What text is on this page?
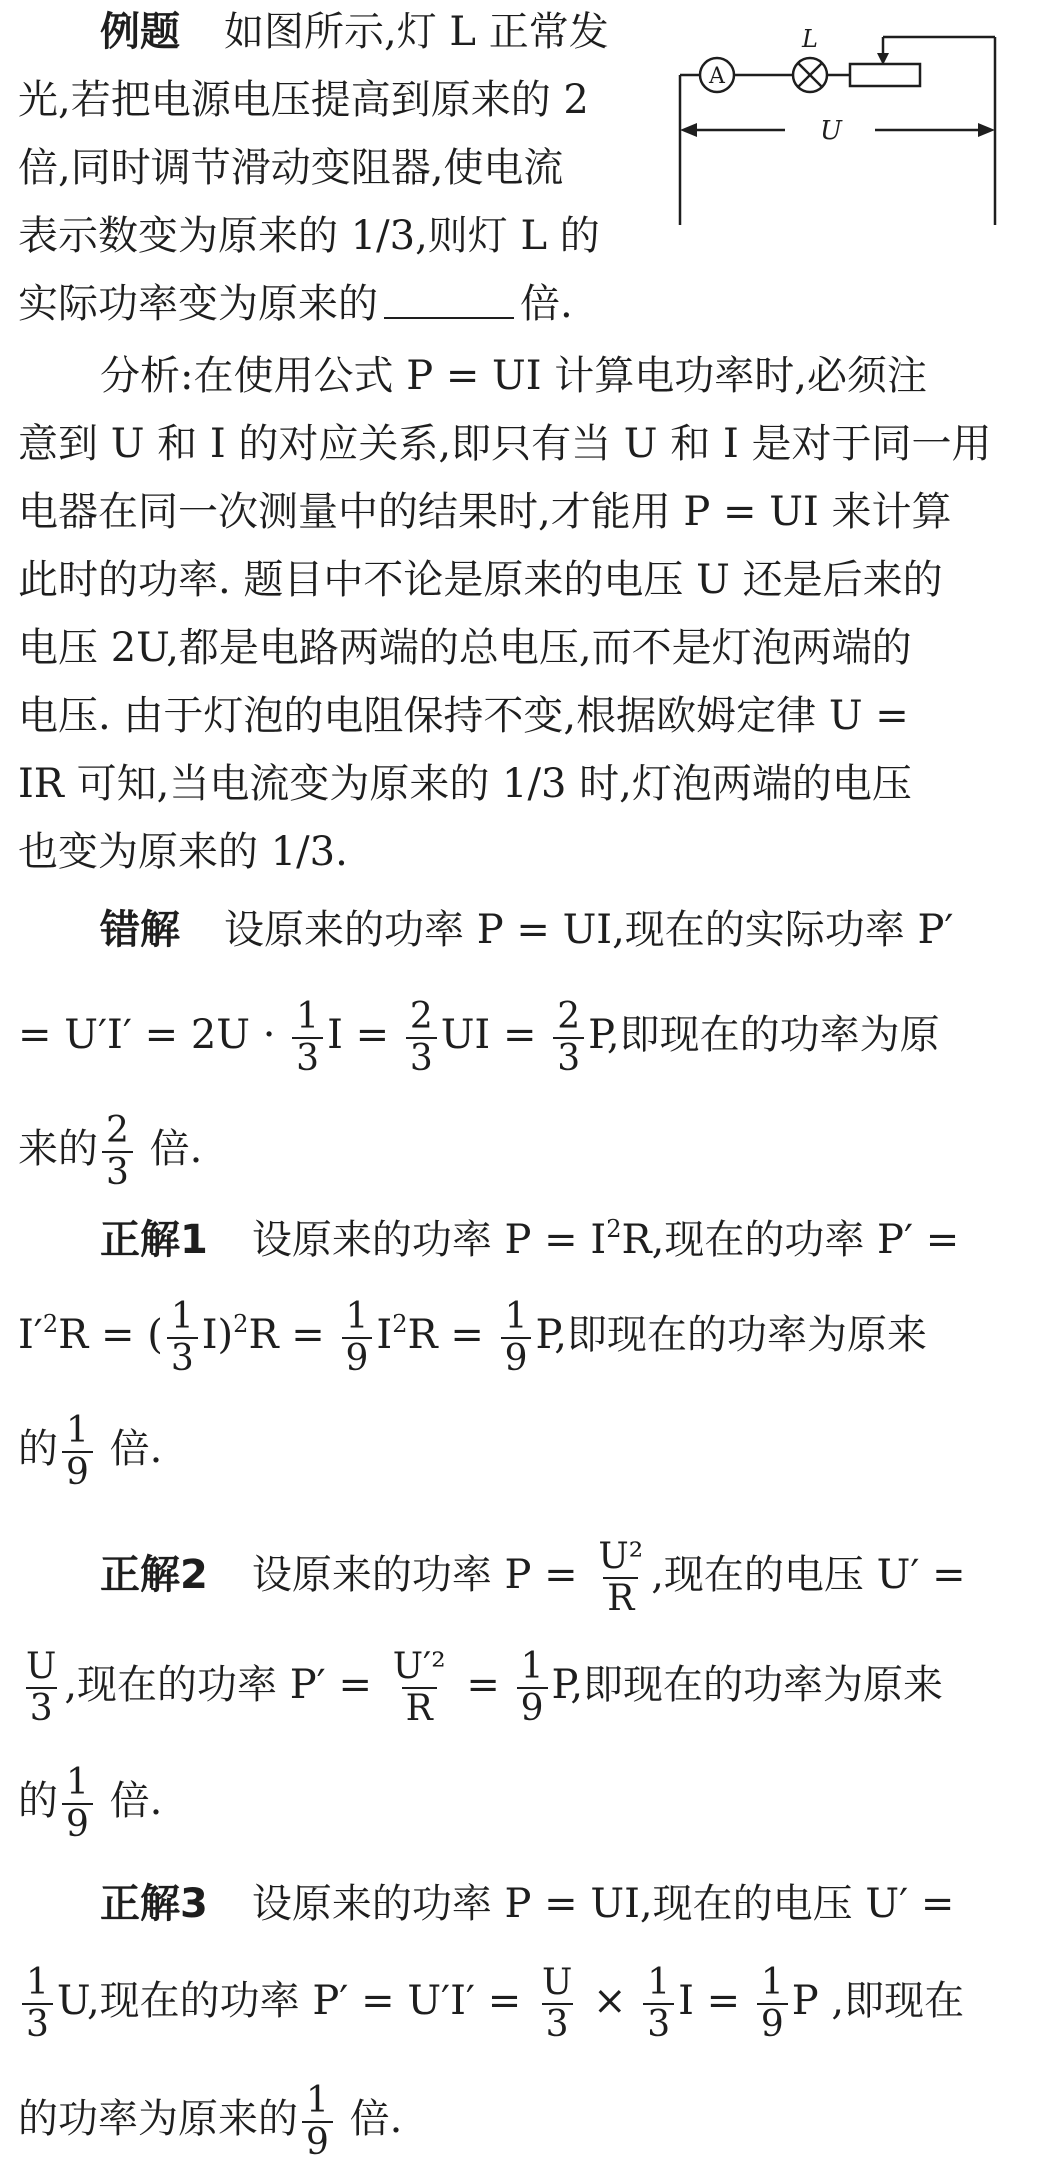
A
L
U
例题 如图所示,灯 L 正常发
光,若把电源电压提高到原来的 2
倍,同时调节滑动变阻器,使电流
表示数变为原来的 1/3,则灯 L 的
实际功率变为原来的	倍.
分析:在使用公式 P = UI 计算电功率时,必须注
意到 U 和 I 的对应关系,即只有当 U 和 I 是对于同一用
电器在同一次测量中的结果时,才能用 P = UI 来计算
此时的功率. 题目中不论是原来的电压 U 还是后来的
电压 2U,都是电路两端的总电压,而不是灯泡两端的
电压. 由于灯泡的电阻保持不变,根据欧姆定律 U =
IR 可知,当电流变为原来的 1/3 时,灯泡两端的电压
也变为原来的 1/3.
错解 设原来的功率 P = UI,现在的实际功率 P′
= $U'I' = 2U \cdot \frac{1}{3}$ $I = \frac{2}{3}$ UI = $\frac{2}{3} P$,即现在的功率为原
来的 $\frac{2}{3}$ 倍.
正解1 设原来的功率 $P = I^2R$,现在的功率 P′ =
$I'^2R$ = ( $\frac{1}{3} I)^2R = \frac{1}{9} I^2R = \frac{1}{9} P$,即现在的功率为原来
的 $\frac{1}{9}$ 倍.
正解2 设原来的功率 $P = \frac{\text{U²}}{R}$ ,现在的电压 U′ =
$\frac{U}{3}$ ,现在的功率 $P' = \frac{\text{U′²}}{R} = \frac{1}{9} P$,即现在的功率为原来
的 $\frac{1}{9}$ 倍.
正解3 设原来的功率 P = UI,现在的电压 U′ =
$\frac{1}{3} U$,现在的功率 $P' = U'I' = \frac{U}{3} \times \frac{1}{3}$ $I = \frac{1}{9}$ P ,即现在
的功率为原来的 $\frac{1}{9}$ 倍.
